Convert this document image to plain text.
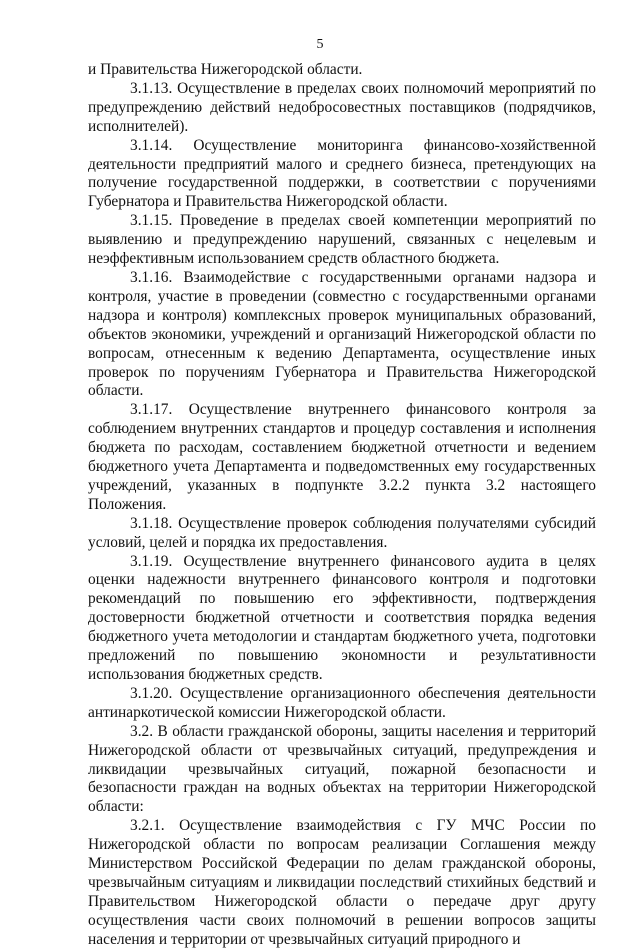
5

и Правительства Нижегородской области.

3.1.13. Осуществление в пределах своих полномочий мероприятий по предупреждению действий недобросовестных поставщиков (подрядчиков, исполнителей).

3.1.14. Осуществление мониторинга финансово-хозяйственной деятельности предприятий малого и среднего бизнеса, претендующих на получение государственной поддержки, в соответствии с поручениями Губернатора и Правительства Нижегородской области.

3.1.15. Проведение в пределах своей компетенции мероприятий по выявлению и предупреждению нарушений, связанных с нецелевым и неэффективным использованием средств областного бюджета.

3.1.16. Взаимодействие с государственными органами надзора и контроля, участие в проведении (совместно с государственными органами надзора и контроля) комплексных проверок муниципальных образований, объектов экономики, учреждений и организаций Нижегородской области по вопросам, отнесенным к ведению Департамента, осуществление иных проверок по поручениям Губернатора и Правительства Нижегородской области.

3.1.17. Осуществление внутреннего финансового контроля за соблюдением внутренних стандартов и процедур составления и исполнения бюджета по расходам, составлением бюджетной отчетности и ведением бюджетного учета Департамента и подведомственных ему государственных учреждений, указанных в подпункте 3.2.2 пункта 3.2 настоящего Положения.

3.1.18. Осуществление проверок соблюдения получателями субсидий условий, целей и порядка их предоставления.

3.1.19. Осуществление внутреннего финансового аудита в целях оценки надежности внутреннего финансового контроля и подготовки рекомендаций по повышению его эффективности, подтверждения достоверности бюджетной отчетности и соответствия порядка ведения бюджетного учета методологии и стандартам бюджетного учета, подготовки предложений по повышению экономности и результативности использования бюджетных средств.

3.1.20. Осуществление организационного обеспечения деятельности антинаркотической комиссии Нижегородской области.

3.2. В области гражданской обороны, защиты населения и территорий Нижегородской области от чрезвычайных ситуаций, предупреждения и ликвидации чрезвычайных ситуаций, пожарной безопасности и безопасности граждан на водных объектах на территории Нижегородской области:

3.2.1. Осуществление взаимодействия с ГУ МЧС России по Нижегородской области по вопросам реализации Соглашения между Министерством Российской Федерации по делам гражданской обороны, чрезвычайным ситуациям и ликвидации последствий стихийных бедствий и Правительством Нижегородской области о передаче друг другу осуществления части своих полномочий в решении вопросов защиты населения и территории от чрезвычайных ситуаций природного и
